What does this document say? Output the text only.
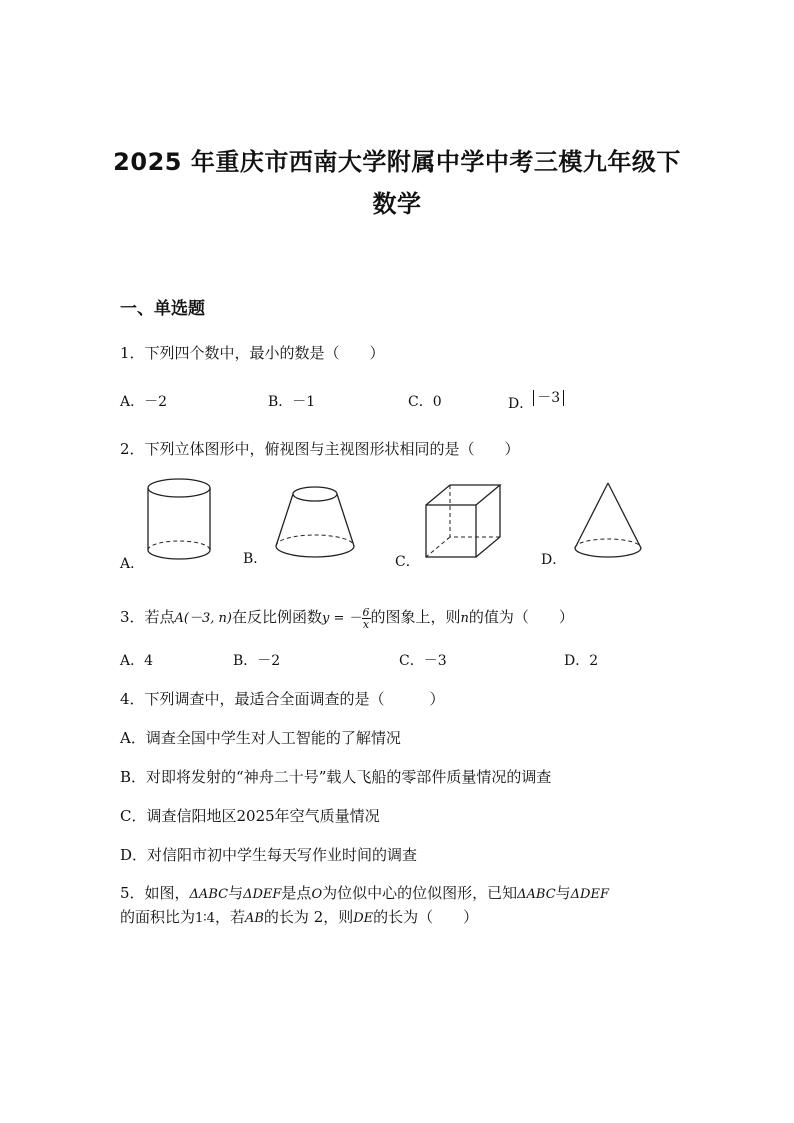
2025 年重庆市西南大学附属中学中考三模九年级下
数学
一、单选题
1．下列四个数中，最小的数是（　　）
A．－2	B．－1	C．0	D． －3
2．下列立体图形中，俯视图与主视图形状相同的是（　　）
A．	B．	C．	D．
3．若点A(－3, n)在反比例函数y = － $\frac{6}{x}$ 的图象上，则n的值为（　　）
A．4	B．－2	C．－3	D．2
4．下列调查中，最适合全面调查的是（　　　）
A．调查全国中学生对人工智能的了解情况
B．对即将发射的“神舟二十号”载人飞船的零部件质量情况的调查
C．调查信阳地区2025年空气质量情况
D．对信阳市初中学生每天写作业时间的调查
5．如图，ΔABC与ΔDEF是点O为位似中心的位似图形，已知ΔABC与ΔDEF
的面积比为1∶4，若AB的长为 2，则DE的长为（　　）
